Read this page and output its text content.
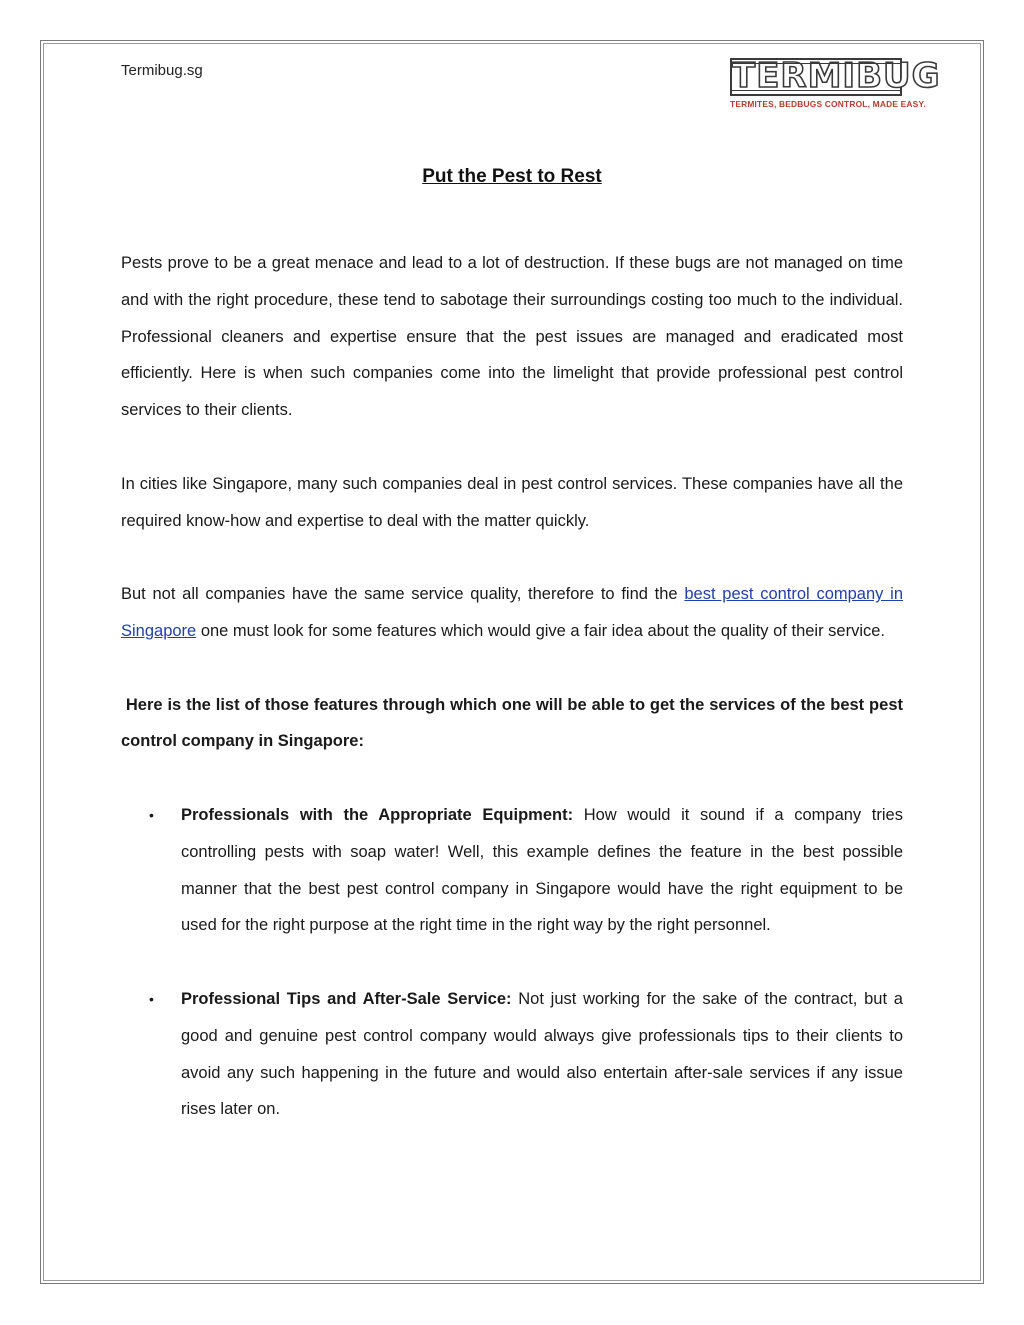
Termibug.sg	TERMIBUG
TERMITES, BEDBUGS CONTROL, MADE EASY.
Put the Pest to Rest

Pests prove to be a great menace and lead to a lot of destruction. If these bugs are not managed on time and with the right procedure, these tend to sabotage their surroundings costing too much to the individual. Professional cleaners and expertise ensure that the pest issues are managed and eradicated most efficiently. Here is when such companies come into the limelight that provide professional pest control services to their clients.

In cities like Singapore, many such companies deal in pest control services. These companies have all the required know-how and expertise to deal with the matter quickly.

But not all companies have the same service quality, therefore to find the best pest control company in Singapore one must look for some features which would give a fair idea about the quality of their service.

Here is the list of those features through which one will be able to get the services of the best pest control company in Singapore:

• Professionals with the Appropriate Equipment: How would it sound if a company tries controlling pests with soap water! Well, this example defines the feature in the best possible manner that the best pest control company in Singapore would have the right equipment to be used for the right purpose at the right time in the right way by the right personnel.
• Professional Tips and After-Sale Service: Not just working for the sake of the contract, but a good and genuine pest control company would always give professionals tips to their clients to avoid any such happening in the future and would also entertain after-sale services if any issue rises later on.
